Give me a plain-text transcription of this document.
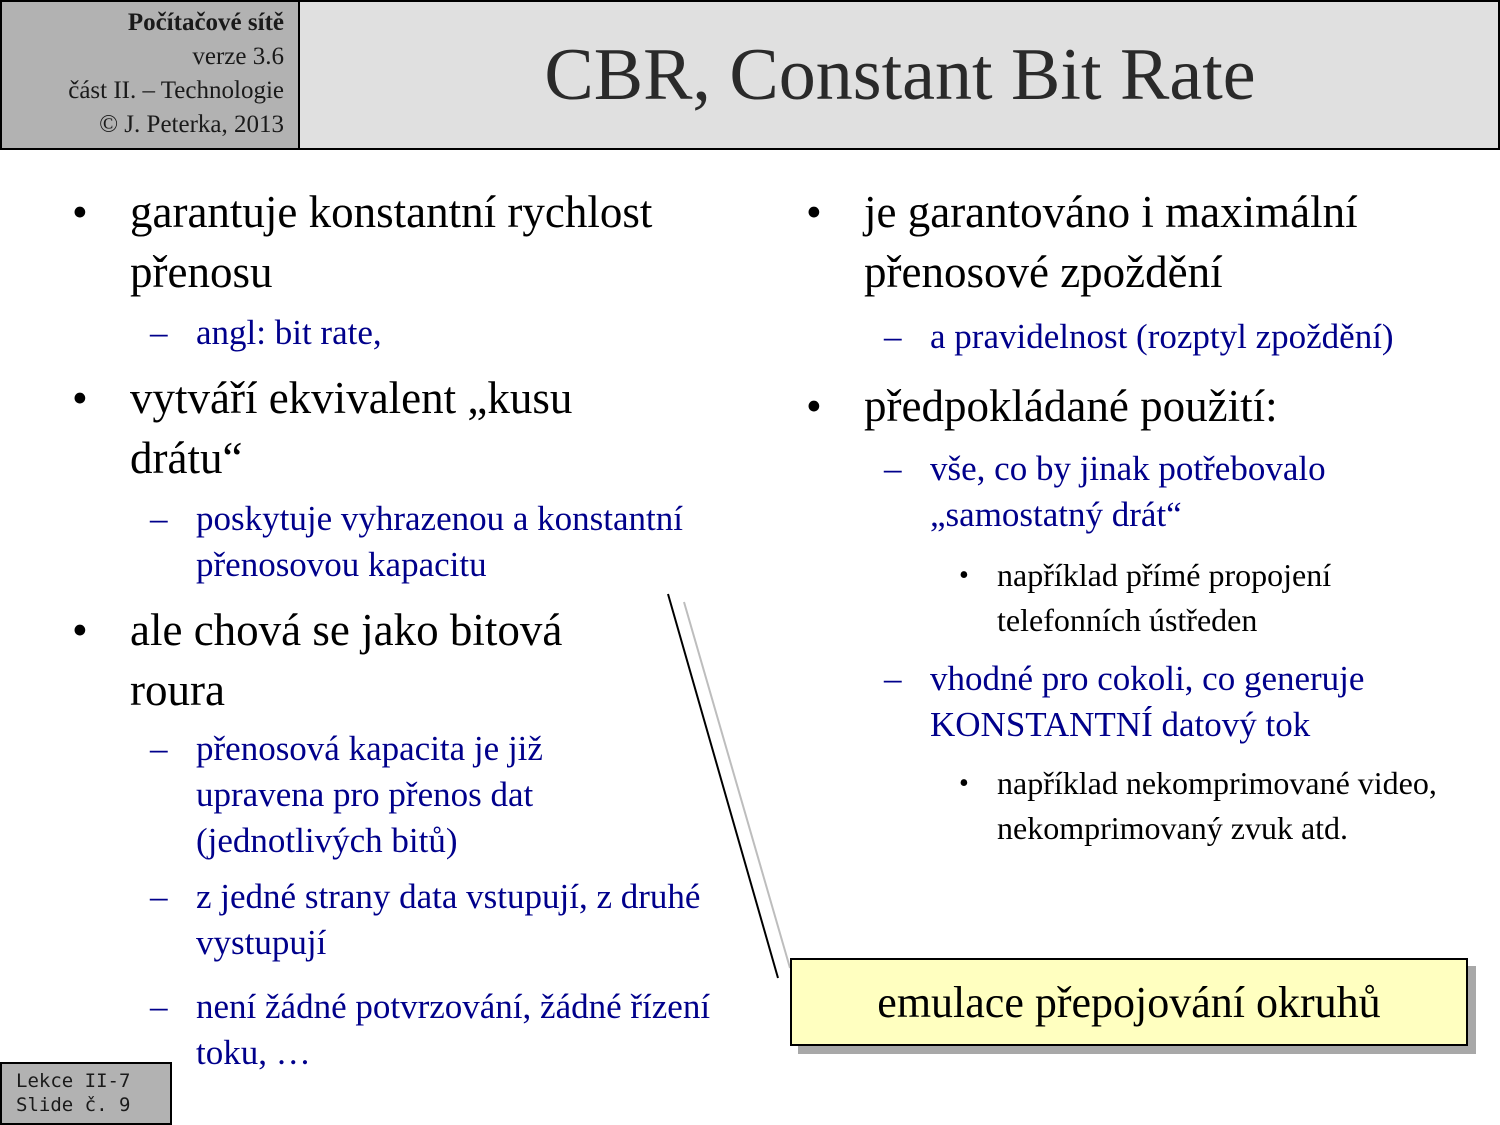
Počítačové sítě
verze 3.6
část II. – Technologie
© J. Peterka, 2013
CBR, Constant Bit Rate
• garantuje konstantní rychlost přenosu
– angl: bit rate,
• vytváří ekvivalent „kusu drátu“
– poskytuje vyhrazenou a konstantní přenosovou kapacitu
• ale chová se jako bitová roura
– přenosová kapacita je již upravena pro přenos dat (jednotlivých bitů)
– z jedné strany data vstupují, z druhé vystupují
– není žádné potvrzování, žádné řízení toku, …
• je garantováno i maximální přenosové zpoždění
– a pravidelnost (rozptyl zpoždění)
• předpokládané použití:
– vše, co by jinak potřebovalo „samostatný drát“
• například přímé propojení telefonních ústředen
– vhodné pro cokoli, co generuje KONSTANTNÍ datový tok
• například nekomprimované video, nekomprimovaný zvuk atd.
emulace přepojování okruhů
Lekce II-7
Slide č. 9
